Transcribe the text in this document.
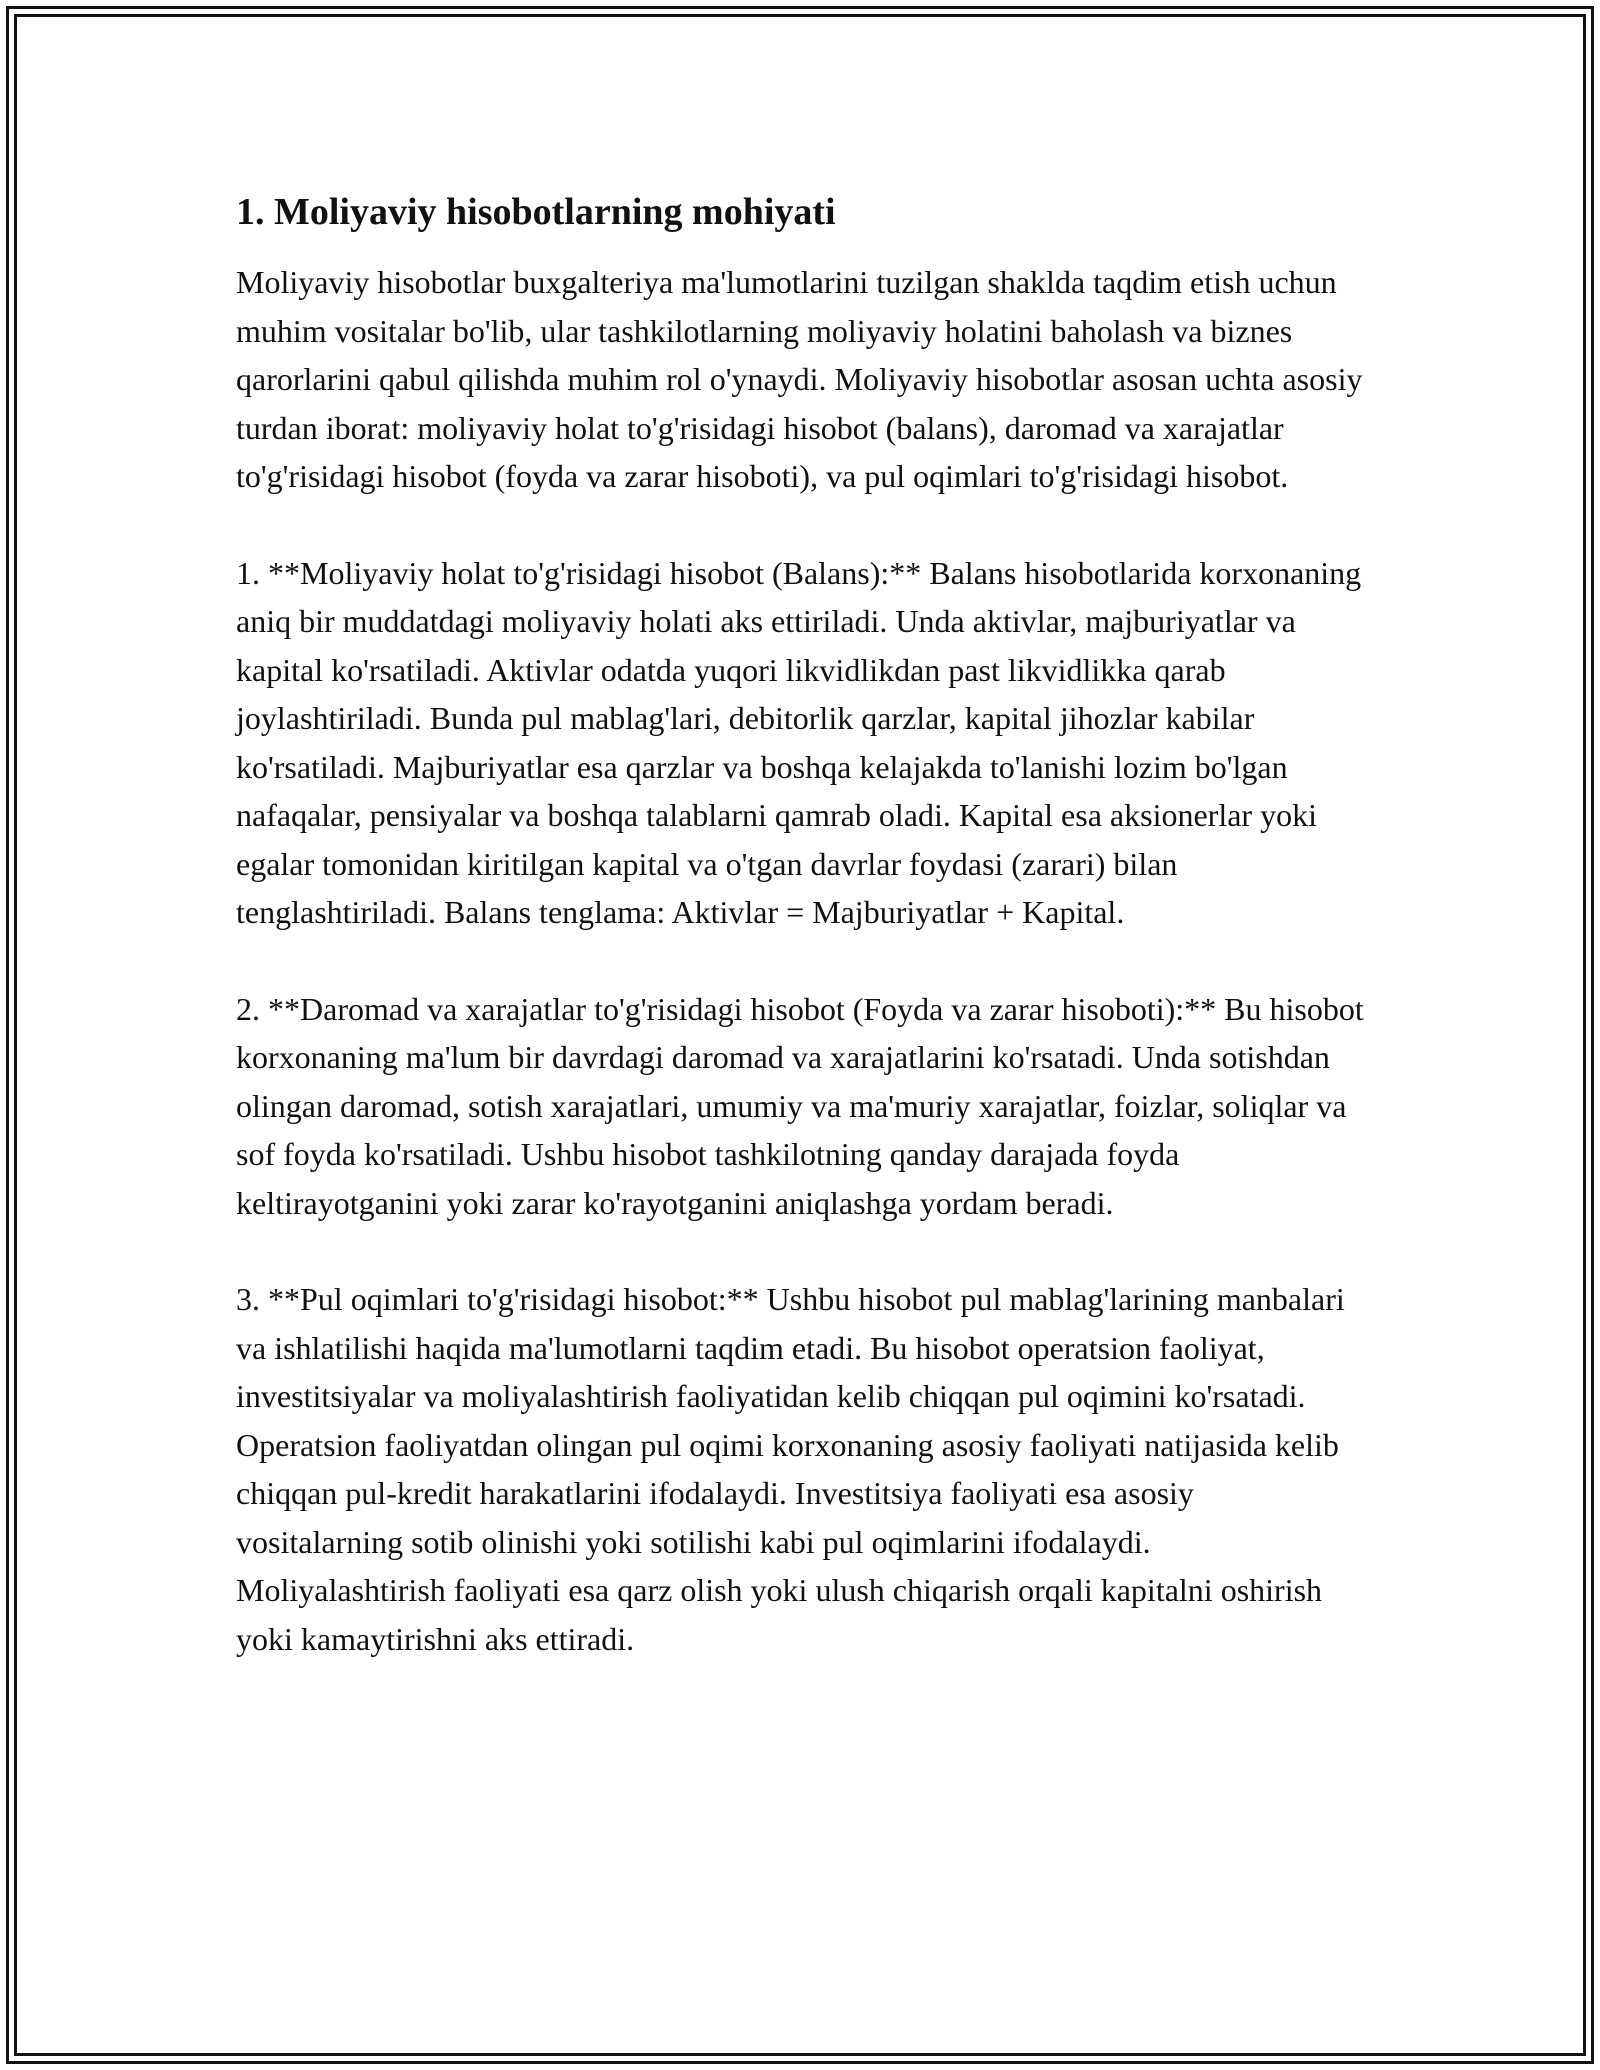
1. Moliyaviy hisobotlarning mohiyati

Moliyaviy hisobotlar buxgalteriya ma'lumotlarini tuzilgan shaklda taqdim etish uchun muhim vositalar bo'lib, ular tashkilotlarning moliyaviy holatini baholash va biznes qarorlarini qabul qilishda muhim rol o'ynaydi. Moliyaviy hisobotlar asosan uchta asosiy turdan iborat: moliyaviy holat to'g'risidagi hisobot (balans), daromad va xarajatlar to'g'risidagi hisobot (foyda va zarar hisoboti), va pul oqimlari to'g'risidagi hisobot.

1. **Moliyaviy holat to'g'risidagi hisobot (Balans):** Balans hisobotlarida korxonaning aniq bir muddatdagi moliyaviy holati aks ettiriladi. Unda aktivlar, majburiyatlar va kapital ko'rsatiladi. Aktivlar odatda yuqori likvidlikdan past likvidlikka qarab joylashtiriladi. Bunda pul mablag'lari, debitorlik qarzlar, kapital jihozlar kabilar ko'rsatiladi. Majburiyatlar esa qarzlar va boshqa kelajakda to'lanishi lozim bo'lgan nafaqalar, pensiyalar va boshqa talablarni qamrab oladi. Kapital esa aksionerlar yoki egalar tomonidan kiritilgan kapital va o'tgan davrlar foydasi (zarari) bilan tenglashtiriladi. Balans tenglama: Aktivlar = Majburiyatlar + Kapital.

2. **Daromad va xarajatlar to'g'risidagi hisobot (Foyda va zarar hisoboti):** Bu hisobot korxonaning ma'lum bir davrdagi daromad va xarajatlarini ko'rsatadi. Unda sotishdan olingan daromad, sotish xarajatlari, umumiy va ma'muriy xarajatlar, foizlar, soliqlar va sof foyda ko'rsatiladi. Ushbu hisobot tashkilotning qanday darajada foyda keltirayotganini yoki zarar ko'rayotganini aniqlashga yordam beradi.

3. **Pul oqimlari to'g'risidagi hisobot:** Ushbu hisobot pul mablag'larining manbalari va ishlatilishi haqida ma'lumotlarni taqdim etadi. Bu hisobot operatsion faoliyat, investitsiyalar va moliyalashtirish faoliyatidan kelib chiqqan pul oqimini ko'rsatadi. Operatsion faoliyatdan olingan pul oqimi korxonaning asosiy faoliyati natijasida kelib chiqqan pul-kredit harakatlarini ifodalaydi. Investitsiya faoliyati esa asosiy vositalarning sotib olinishi yoki sotilishi kabi pul oqimlarini ifodalaydi. Moliyalashtirish faoliyati esa qarz olish yoki ulush chiqarish orqali kapitalni oshirish yoki kamaytirishni aks ettiradi.
